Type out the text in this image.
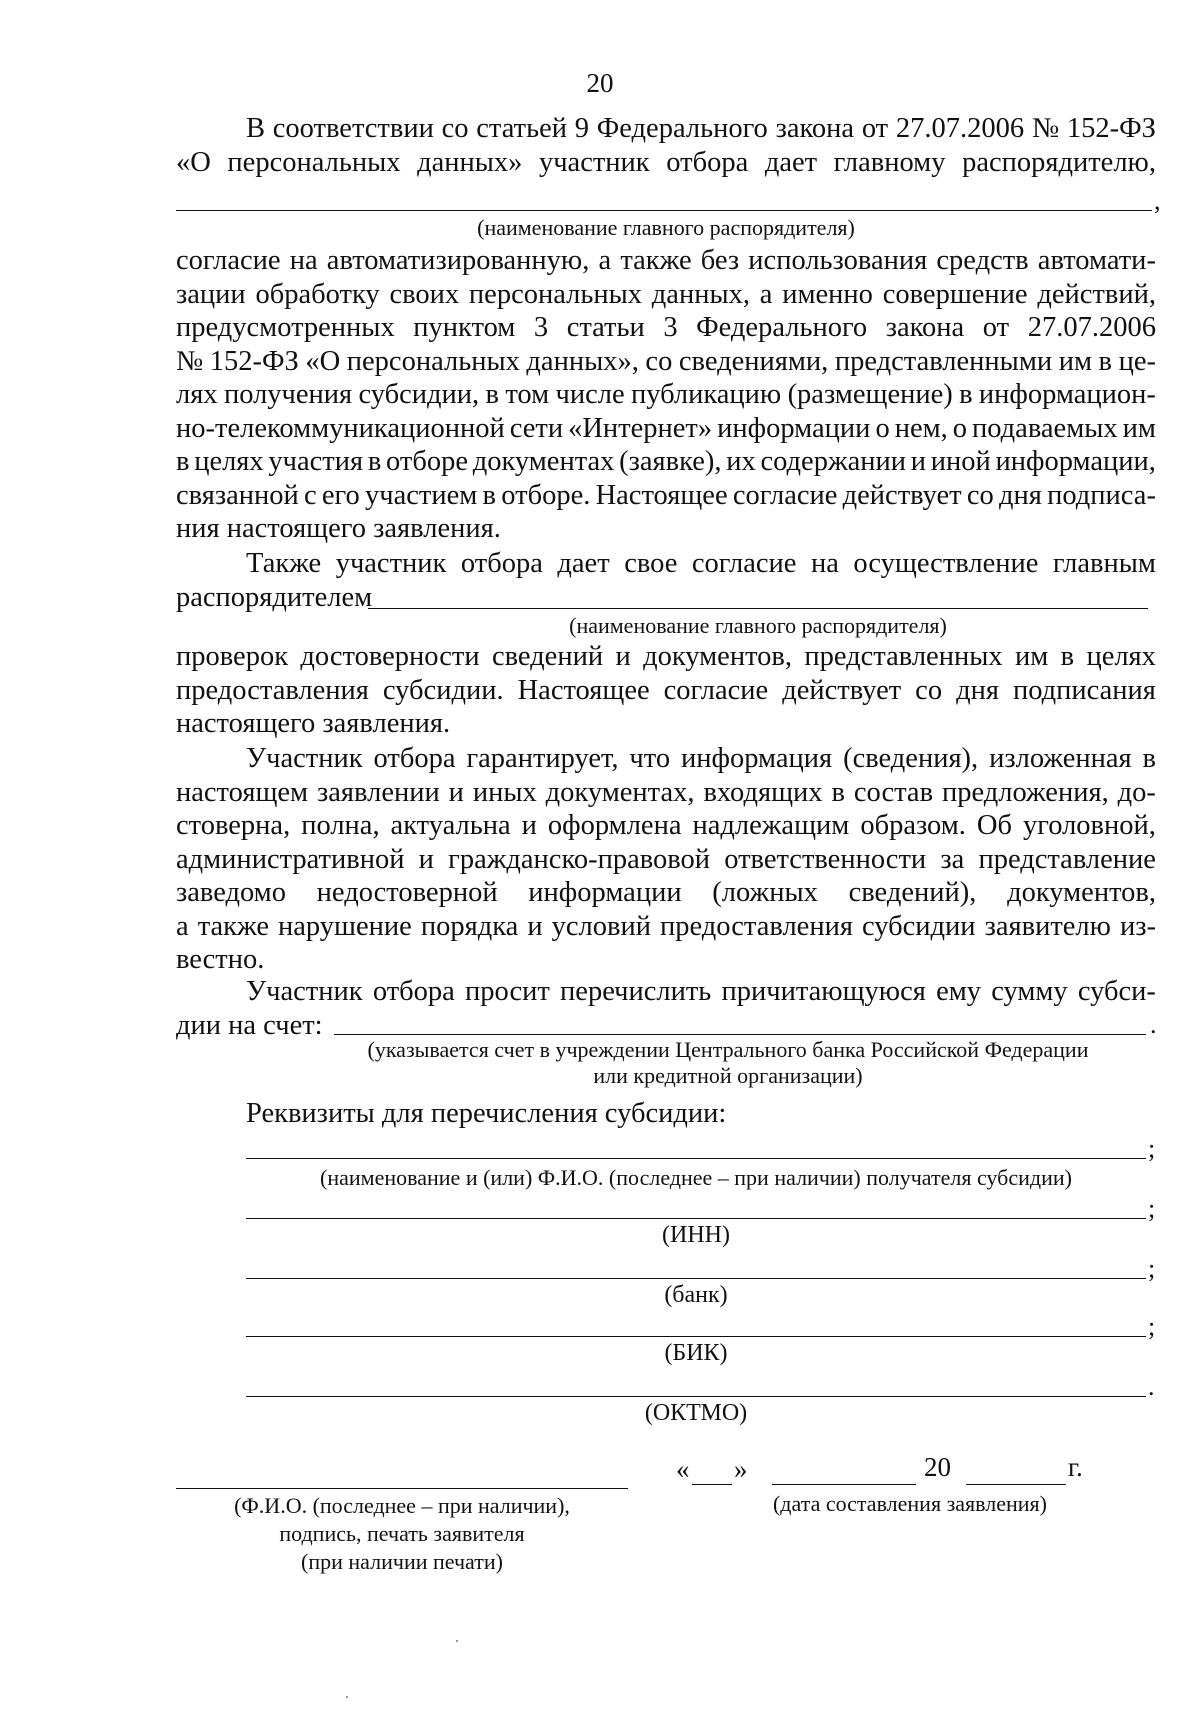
20
В соответствии со статьей 9 Федерального закона от 27.07.2006 № 152-ФЗ
«О персональных данных» участник отбора дает главному распорядителю,
,
(наименование главного распорядителя)
согласие на автоматизированную, а также без использования средств автомати-
зации обработку своих персональных данных, а именно совершение действий,
предусмотренных пунктом 3 статьи 3 Федерального закона от 27.07.2006
№ 152-ФЗ «О персональных данных», со сведениями, представленными им в це-
лях получения субсидии, в том числе публикацию (размещение) в информацион-
но-телекоммуникационной сети «Интернет» информации о нем, о подаваемых им
в целях участия в отборе документах (заявке), их содержании и иной информации,
связанной с его участием в отборе. Настоящее согласие действует со дня подписа-
ния настоящего заявления.
Также участник отбора дает свое согласие на осуществление главным
распорядителем
(наименование главного распорядителя)
проверок достоверности сведений и документов, представленных им в целях
предоставления субсидии. Настоящее согласие действует со дня подписания
настоящего заявления.
Участник отбора гарантирует, что информация (сведения), изложенная в
настоящем заявлении и иных документах, входящих в состав предложения, до-
стоверна, полна, актуальна и оформлена надлежащим образом. Об уголовной,
административной и гражданско-правовой ответственности за представление
заведомо недостоверной информации (ложных сведений), документов,
а также нарушение порядка и условий предоставления субсидии заявителю из-
вестно.
Участник отбора просит перечислить причитающуюся ему сумму субси-
дии на счет:	.
(указывается счет в учреждении Центрального банка Российской Федерации
или кредитной организации)
Реквизиты для перечисления субсидии:
;
(наименование и (или) Ф.И.О. (последнее – при наличии) получателя субсидии)
;
(ИНН)
;
(банк)
;
(БИК)
.
(ОКТМО)
(Ф.И.О. (последнее – при наличии),
подпись, печать заявителя
(при наличии печати)
« »	20	г.
(дата составления заявления)
